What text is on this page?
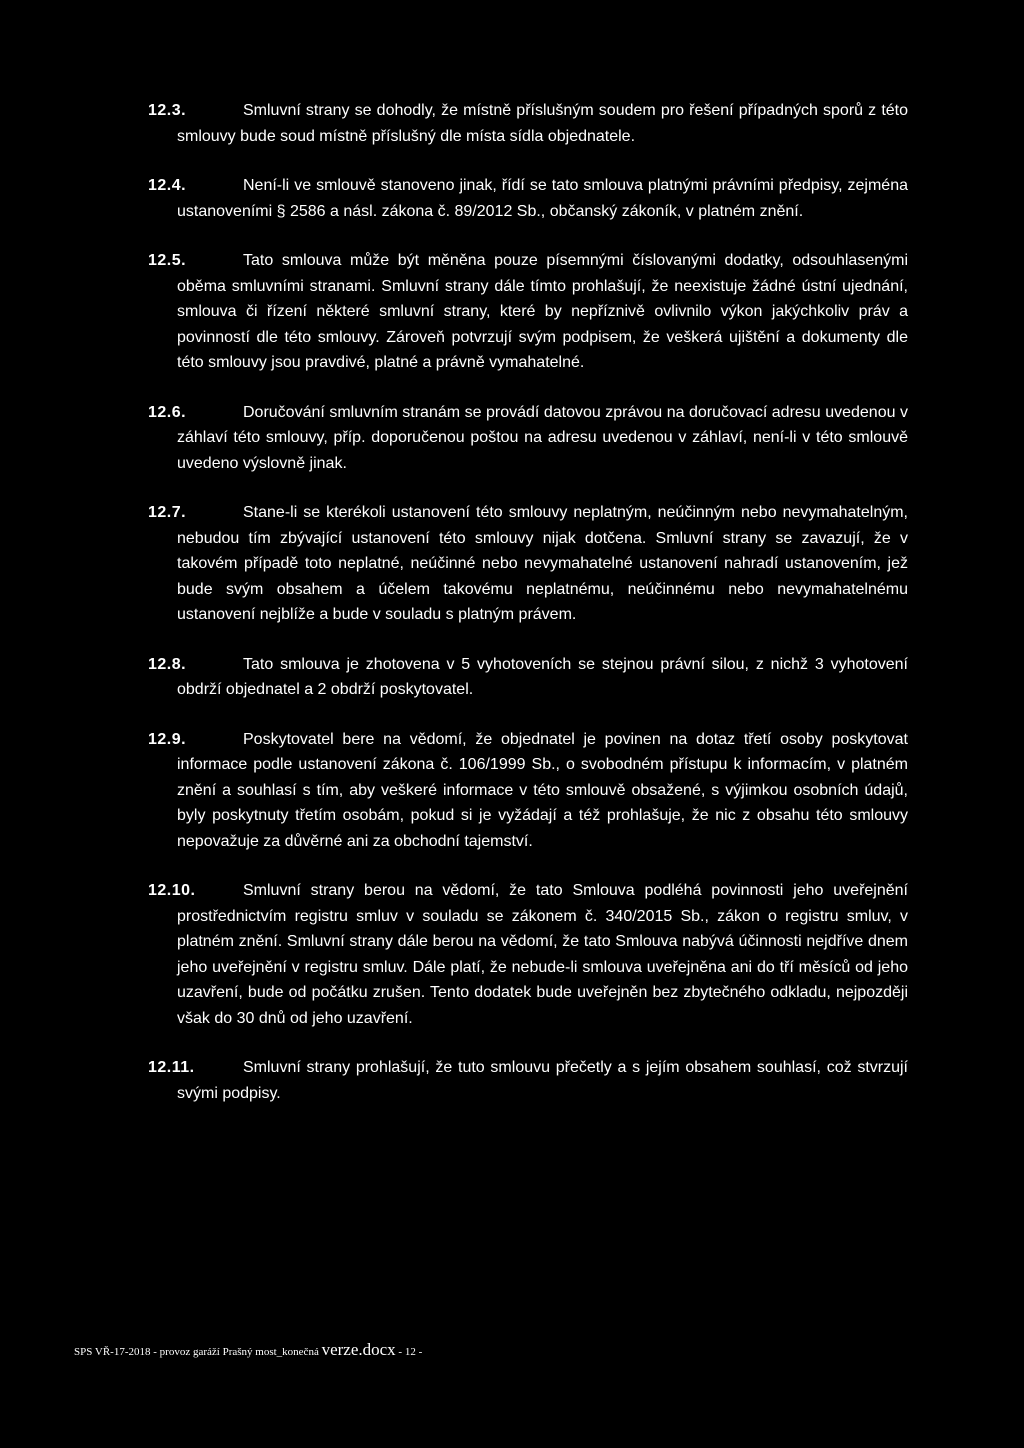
12.3.	Smluvní strany se dohodly, že místně příslušným soudem pro řešení případných sporů z této smlouvy bude soud místně příslušný dle místa sídla objednatele.
12.4.	Není-li ve smlouvě stanoveno jinak, řídí se tato smlouva platnými právními předpisy, zejména ustanoveními § 2586 a násl. zákona č. 89/2012 Sb., občanský zákoník, v platném znění.
12.5.	Tato smlouva může být měněna pouze písemnými číslovanými dodatky, odsouhlasenými oběma smluvními stranami. Smluvní strany dále tímto prohlašují, že neexistuje žádné ústní ujednání, smlouva či řízení některé smluvní strany, které by nepříznivě ovlivnilo výkon jakýchkoliv práv a povinností dle této smlouvy. Zároveň potvrzují svým podpisem, že veškerá ujištění a dokumenty dle této smlouvy jsou pravdivé, platné a právně vymahatelné.
12.6.	Doručování smluvním stranám se provádí datovou zprávou na doručovací adresu uvedenou v záhlaví této smlouvy, příp. doporučenou poštou na adresu uvedenou v záhlaví, není-li v této smlouvě uvedeno výslovně jinak.
12.7.	Stane-li se kterékoli ustanovení této smlouvy neplatným, neúčinným nebo nevymahatelným, nebudou tím zbývající ustanovení této smlouvy nijak dotčena. Smluvní strany se zavazují, že v takovém případě toto neplatné, neúčinné nebo nevymahatelné ustanovení nahradí ustanovením, jež bude svým obsahem a účelem takovému neplatnému, neúčinnému nebo nevymahatelnému ustanovení nejblíže a bude v souladu s platným právem.
12.8.	Tato smlouva je zhotovena v 5 vyhotoveních se stejnou právní silou, z nichž 3 vyhotovení obdrží objednatel a 2 obdrží poskytovatel.
12.9.	Poskytovatel bere na vědomí, že objednatel je povinen na dotaz třetí osoby poskytovat informace podle ustanovení zákona č. 106/1999 Sb., o svobodném přístupu k informacím, v platném znění a souhlasí s tím, aby veškeré informace v této smlouvě obsažené, s výjimkou osobních údajů, byly poskytnuty třetím osobám, pokud si je vyžádají a též prohlašuje, že nic z obsahu této smlouvy nepovažuje za důvěrné ani za obchodní tajemství.
12.10.	Smluvní strany berou na vědomí, že tato Smlouva podléhá povinnosti jeho uveřejnění prostřednictvím registru smluv v souladu se zákonem č. 340/2015 Sb., zákon o registru smluv, v platném znění. Smluvní strany dále berou na vědomí, že tato Smlouva nabývá účinnosti nejdříve dnem jeho uveřejnění v registru smluv. Dále platí, že nebude-li smlouva uveřejněna ani do tří měsíců od jeho uzavření, bude od počátku zrušen. Tento dodatek bude uveřejněn bez zbytečného odkladu, nejpozději však do 30 dnů od jeho uzavření.
12.11.	Smluvní strany prohlašují, že tuto smlouvu přečetly a s jejím obsahem souhlasí, což stvrzují svými podpisy.
SPS VŘ-17-2018 - provoz garáží Prašný most_konečná verze.docx - 12 -
